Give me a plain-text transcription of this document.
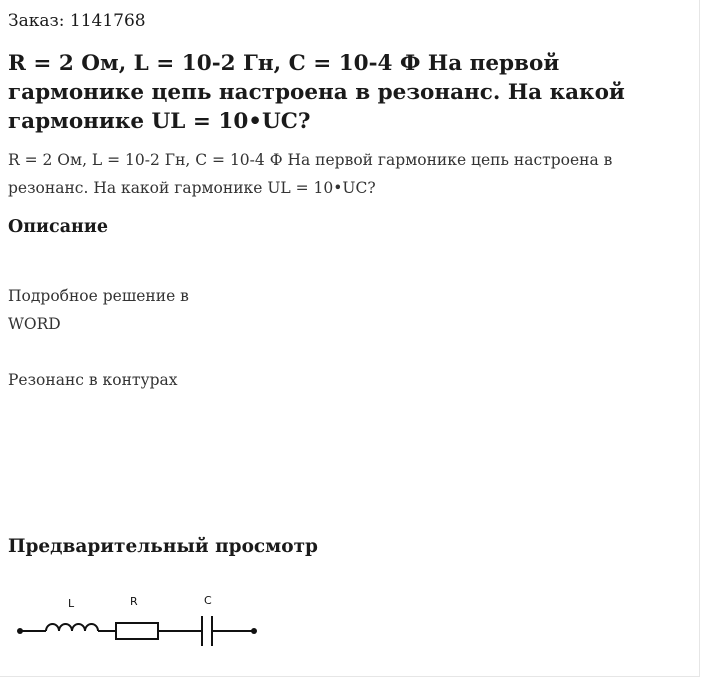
Заказ: 1141768
R = 2 Ом, L = 10-2 Гн, C = 10-4 Ф На первой гармонике цепь настроена в резонанс. На какой гармонике UL = 10•UC?

R = 2 Ом, L = 10-2 Гн, C = 10-4 Ф На первой гармонике цепь настроена в резонанс. На какой гармонике UL = 10•UC?

Описание

Подробное решение в

WORD

Резонанс в контурах

Предварительный просмотр
L	R	C
